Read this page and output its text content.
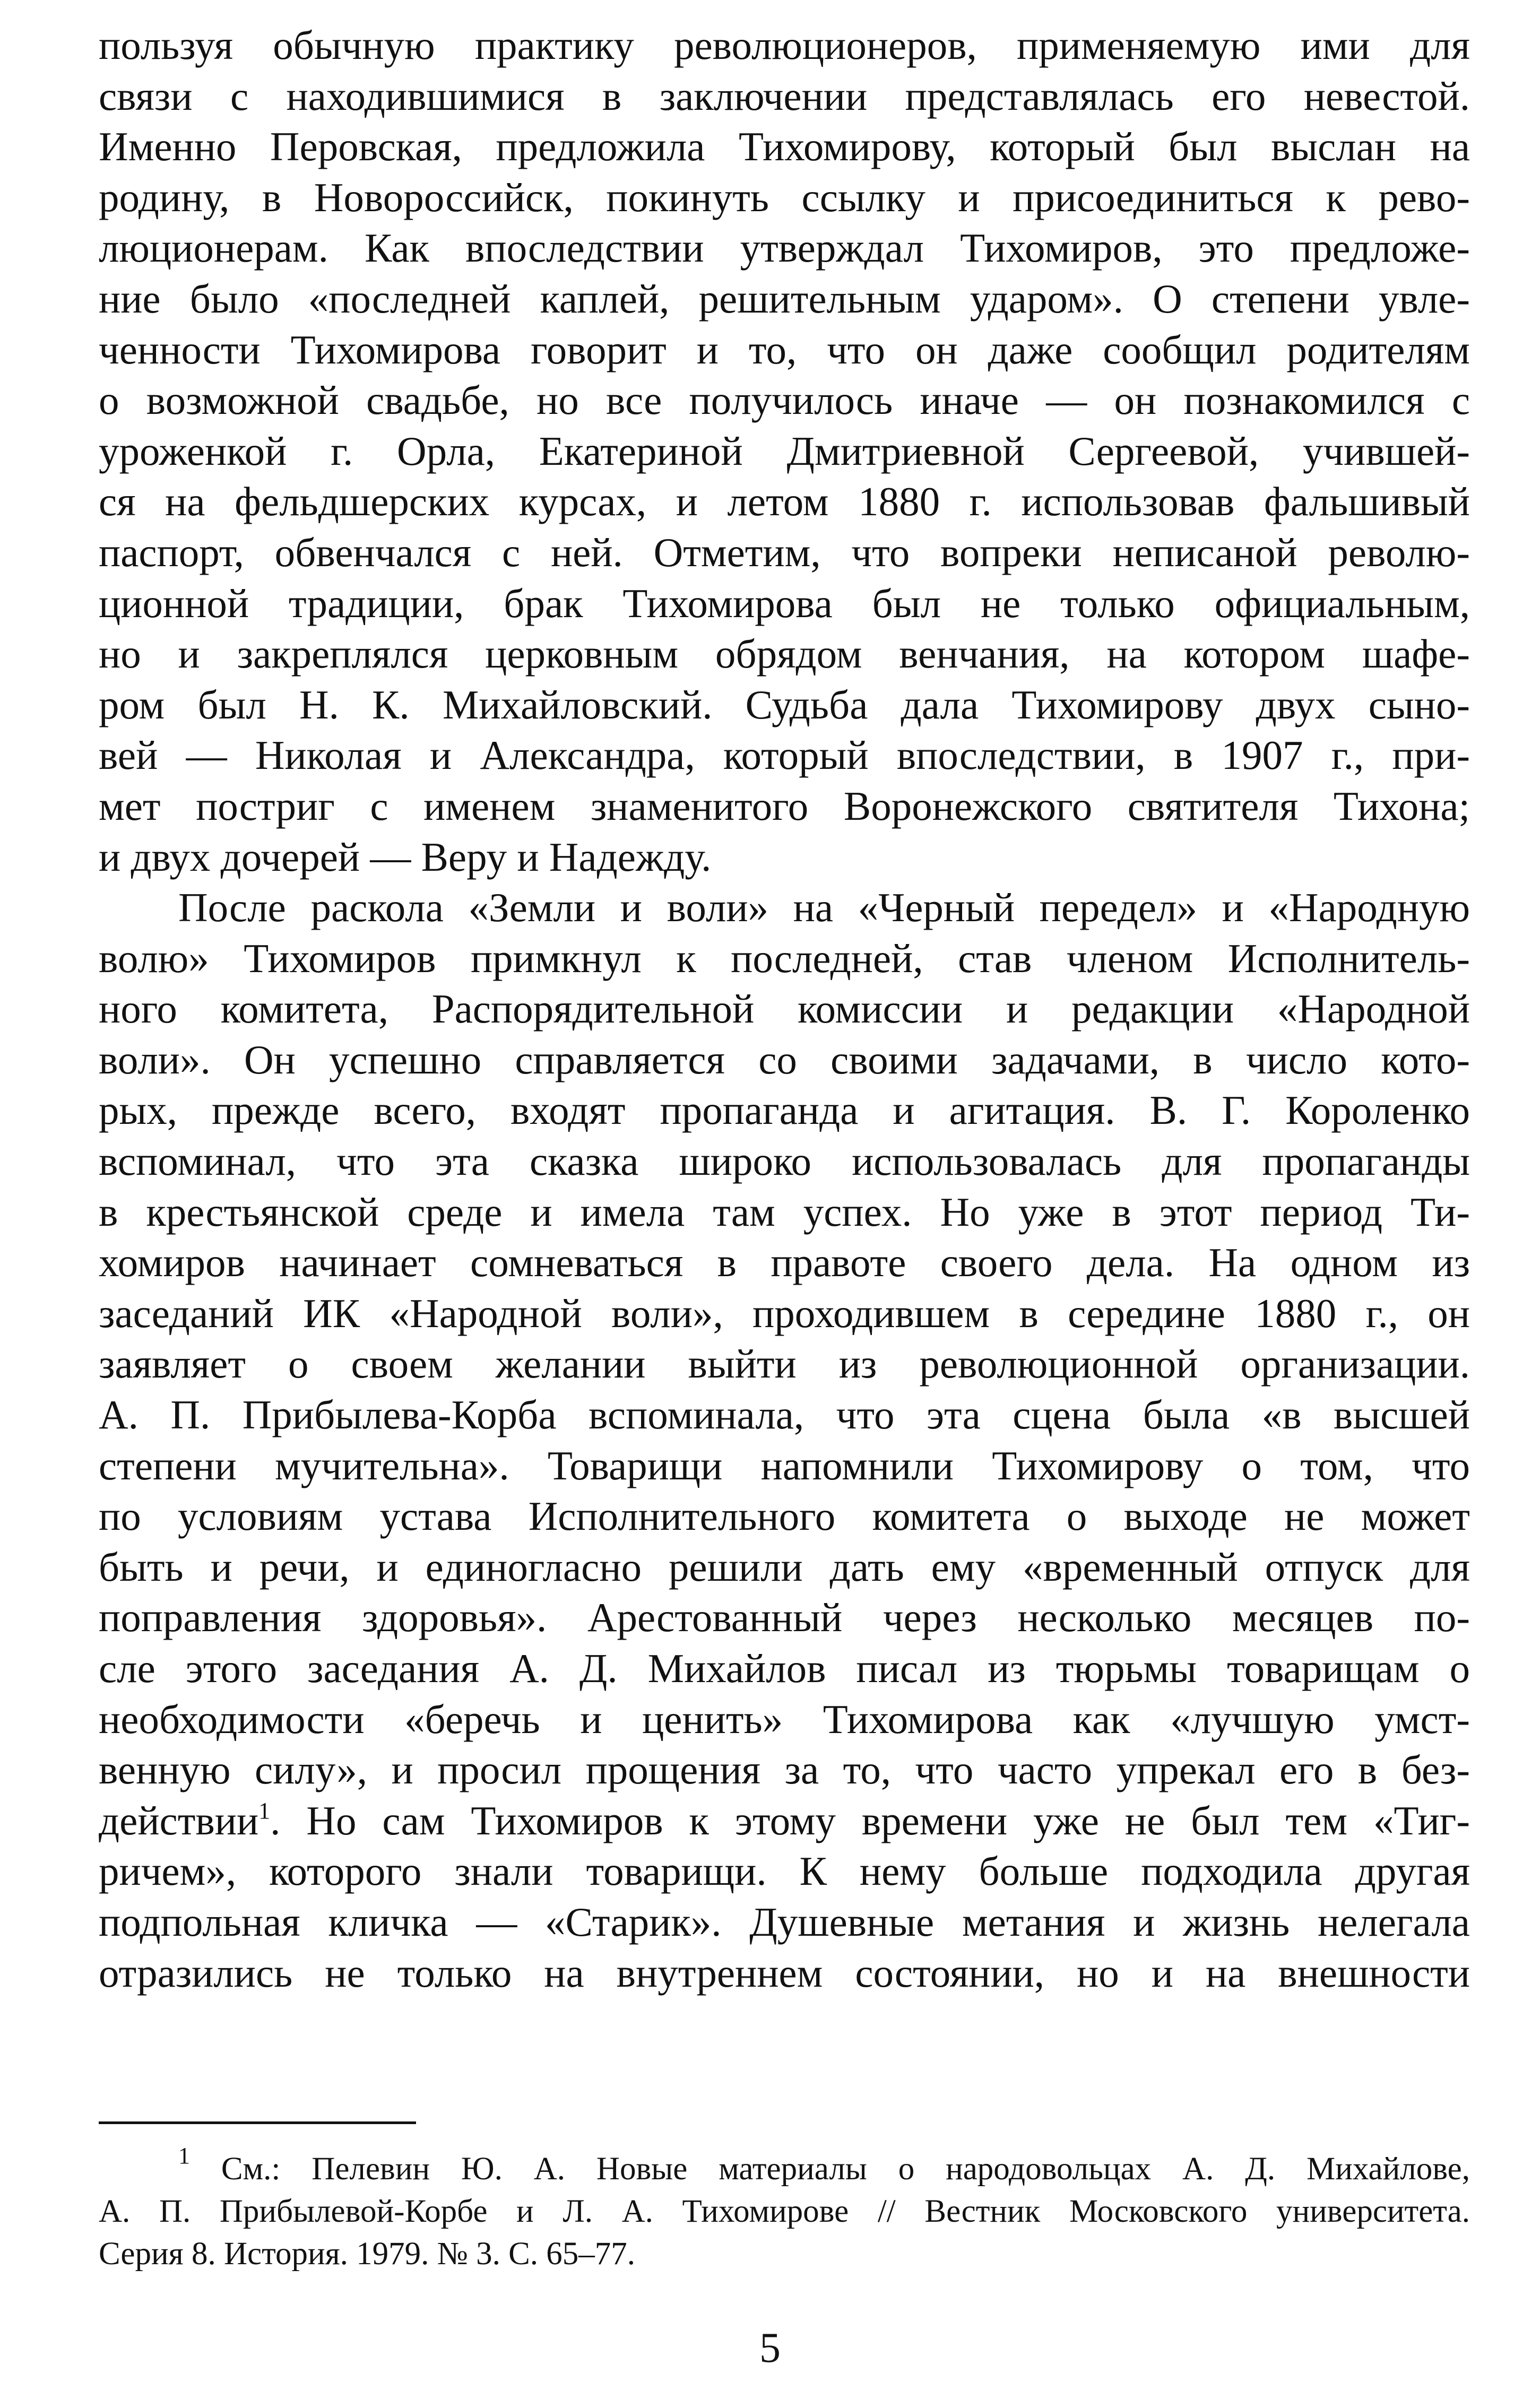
пользуя обычную практику революционеров, применяемую ими для
связи с находившимися в заключении представлялась его невестой.
Именно Перовская, предложила Тихомирову, который был выслан на
родину, в Новороссийск, покинуть ссылку и присоединиться к рево-
люционерам. Как впоследствии утверждал Тихомиров, это предложе-
ние было «последней каплей, решительным ударом». О степени увле-
ченности Тихомирова говорит и то, что он даже сообщил родителям
о возможной свадьбе, но все получилось иначе — он познакомился с
уроженкой г. Орла, Екатериной Дмитриевной Сергеевой, учившей-
ся на фельдшерских курсах, и летом 1880 г. использовав фальшивый
паспорт, обвенчался с ней. Отметим, что вопреки неписаной револю-
ционной традиции, брак Тихомирова был не только официальным,
но и закреплялся церковным обрядом венчания, на котором шафе-
ром был Н. К. Михайловский. Судьба дала Тихомирову двух сыно-
вей — Николая и Александра, который впоследствии, в 1907 г., при-
мет постриг с именем знаменитого Воронежского святителя Тихона;
и двух дочерей — Веру и Надежду.
После раскола «Земли и воли» на «Черный передел» и «Народную
волю» Тихомиров примкнул к последней, став членом Исполнитель-
ного комитета, Распорядительной комиссии и редакции «Народной
воли». Он успешно справляется со своими задачами, в число кото-
рых, прежде всего, входят пропаганда и агитация. В. Г. Короленко
вспоминал, что эта сказка широко использовалась для пропаганды
в крестьянской среде и имела там успех. Но уже в этот период Ти-
хомиров начинает сомневаться в правоте своего дела. На одном из
заседаний ИК «Народной воли», проходившем в середине 1880 г., он
заявляет о своем желании выйти из революционной организации.
А. П. Прибылева-Корба вспоминала, что эта сцена была «в высшей
степени мучительна». Товарищи напомнили Тихомирову о том, что
по условиям устава Исполнительного комитета о выходе не может
быть и речи, и единогласно решили дать ему «временный отпуск для
поправления здоровья». Арестованный через несколько месяцев по-
сле этого заседания А. Д. Михайлов писал из тюрьмы товарищам о
необходимости «беречь и ценить» Тихомирова как «лучшую умст-
венную силу», и просил прощения за то, что часто упрекал его в без-
действии$^1$. Но сам Тихомиров к этому времени уже не был тем «Тиг-
ричем», которого знали товарищи. К нему больше подходила другая
подпольная кличка — «Старик». Душевные метания и жизнь нелегала
отразились не только на внутреннем состоянии, но и на внешности
$^1$ См.: Пелевин Ю. А. Новые материалы о народовольцах А. Д. Михайлове,
А. П. Прибылевой-Корбе и Л. А. Тихомирове // Вестник Московского университета.
Серия 8. История. 1979. № 3. С. 65–77.
5
